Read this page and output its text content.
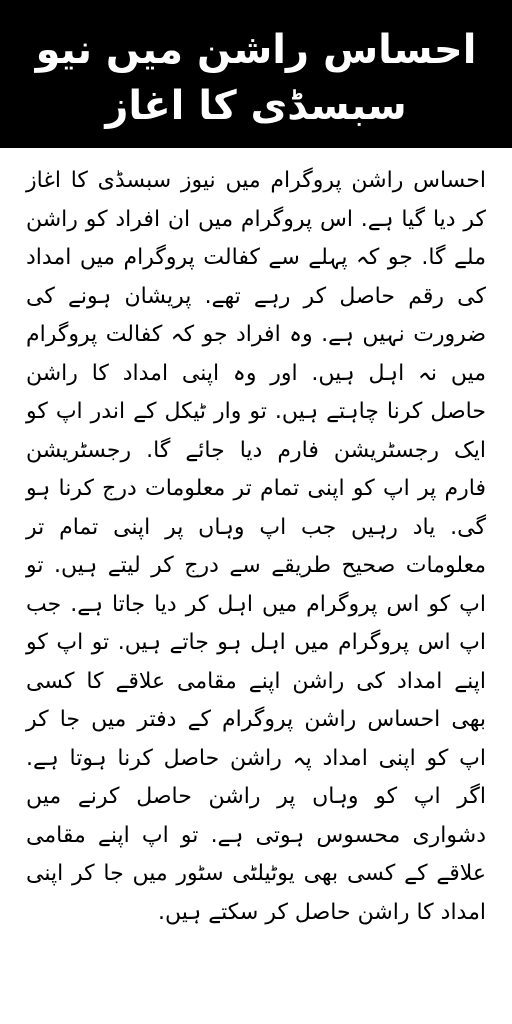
احساس راشن میں نیو سبسڈی کا اغاز

احساس راشن پروگرام میں نیوز سبسڈی کا اغاز کر دیا گیا ہے. اس پروگرام میں ان افراد کو راشن ملے گا. جو کہ پہلے سے کفالت پروگرام میں امداد کی رقم حاصل کر رہے تھے. پریشان ہونے کی ضرورت نہیں ہے. وہ افراد جو کہ کفالت پروگرام میں نہ اہل ہیں. اور وہ اپنی امداد کا راشن حاصل کرنا چاہتے ہیں. تو وار ٹیکل کے اندر اپ کو ایک رجسٹریشن فارم دیا جائے گا. رجسٹریشن فارم پر اپ کو اپنی تمام تر معلومات درج کرنا ہو گی. یاد رہیں جب اپ وہاں پر اپنی تمام تر معلومات صحیح طریقے سے درج کر لیتے ہیں. تو اپ کو اس پروگرام میں اہل کر دیا جاتا ہے. جب اپ اس پروگرام میں اہل ہو جاتے ہیں. تو اپ کو اپنے امداد کی راشن اپنے مقامی علاقے کا کسی بھی احساس راشن پروگرام کے دفتر میں جا کر اپ کو اپنی امداد پہ راشن حاصل کرنا ہوتا ہے. اگر اپ کو وہاں پر راشن حاصل کرنے میں دشواری محسوس ہوتی ہے. تو اپ اپنے مقامی علاقے کے کسی بھی یوٹیلٹی سٹور میں جا کر اپنی امداد کا راشن حاصل کر سکتے ہیں.
